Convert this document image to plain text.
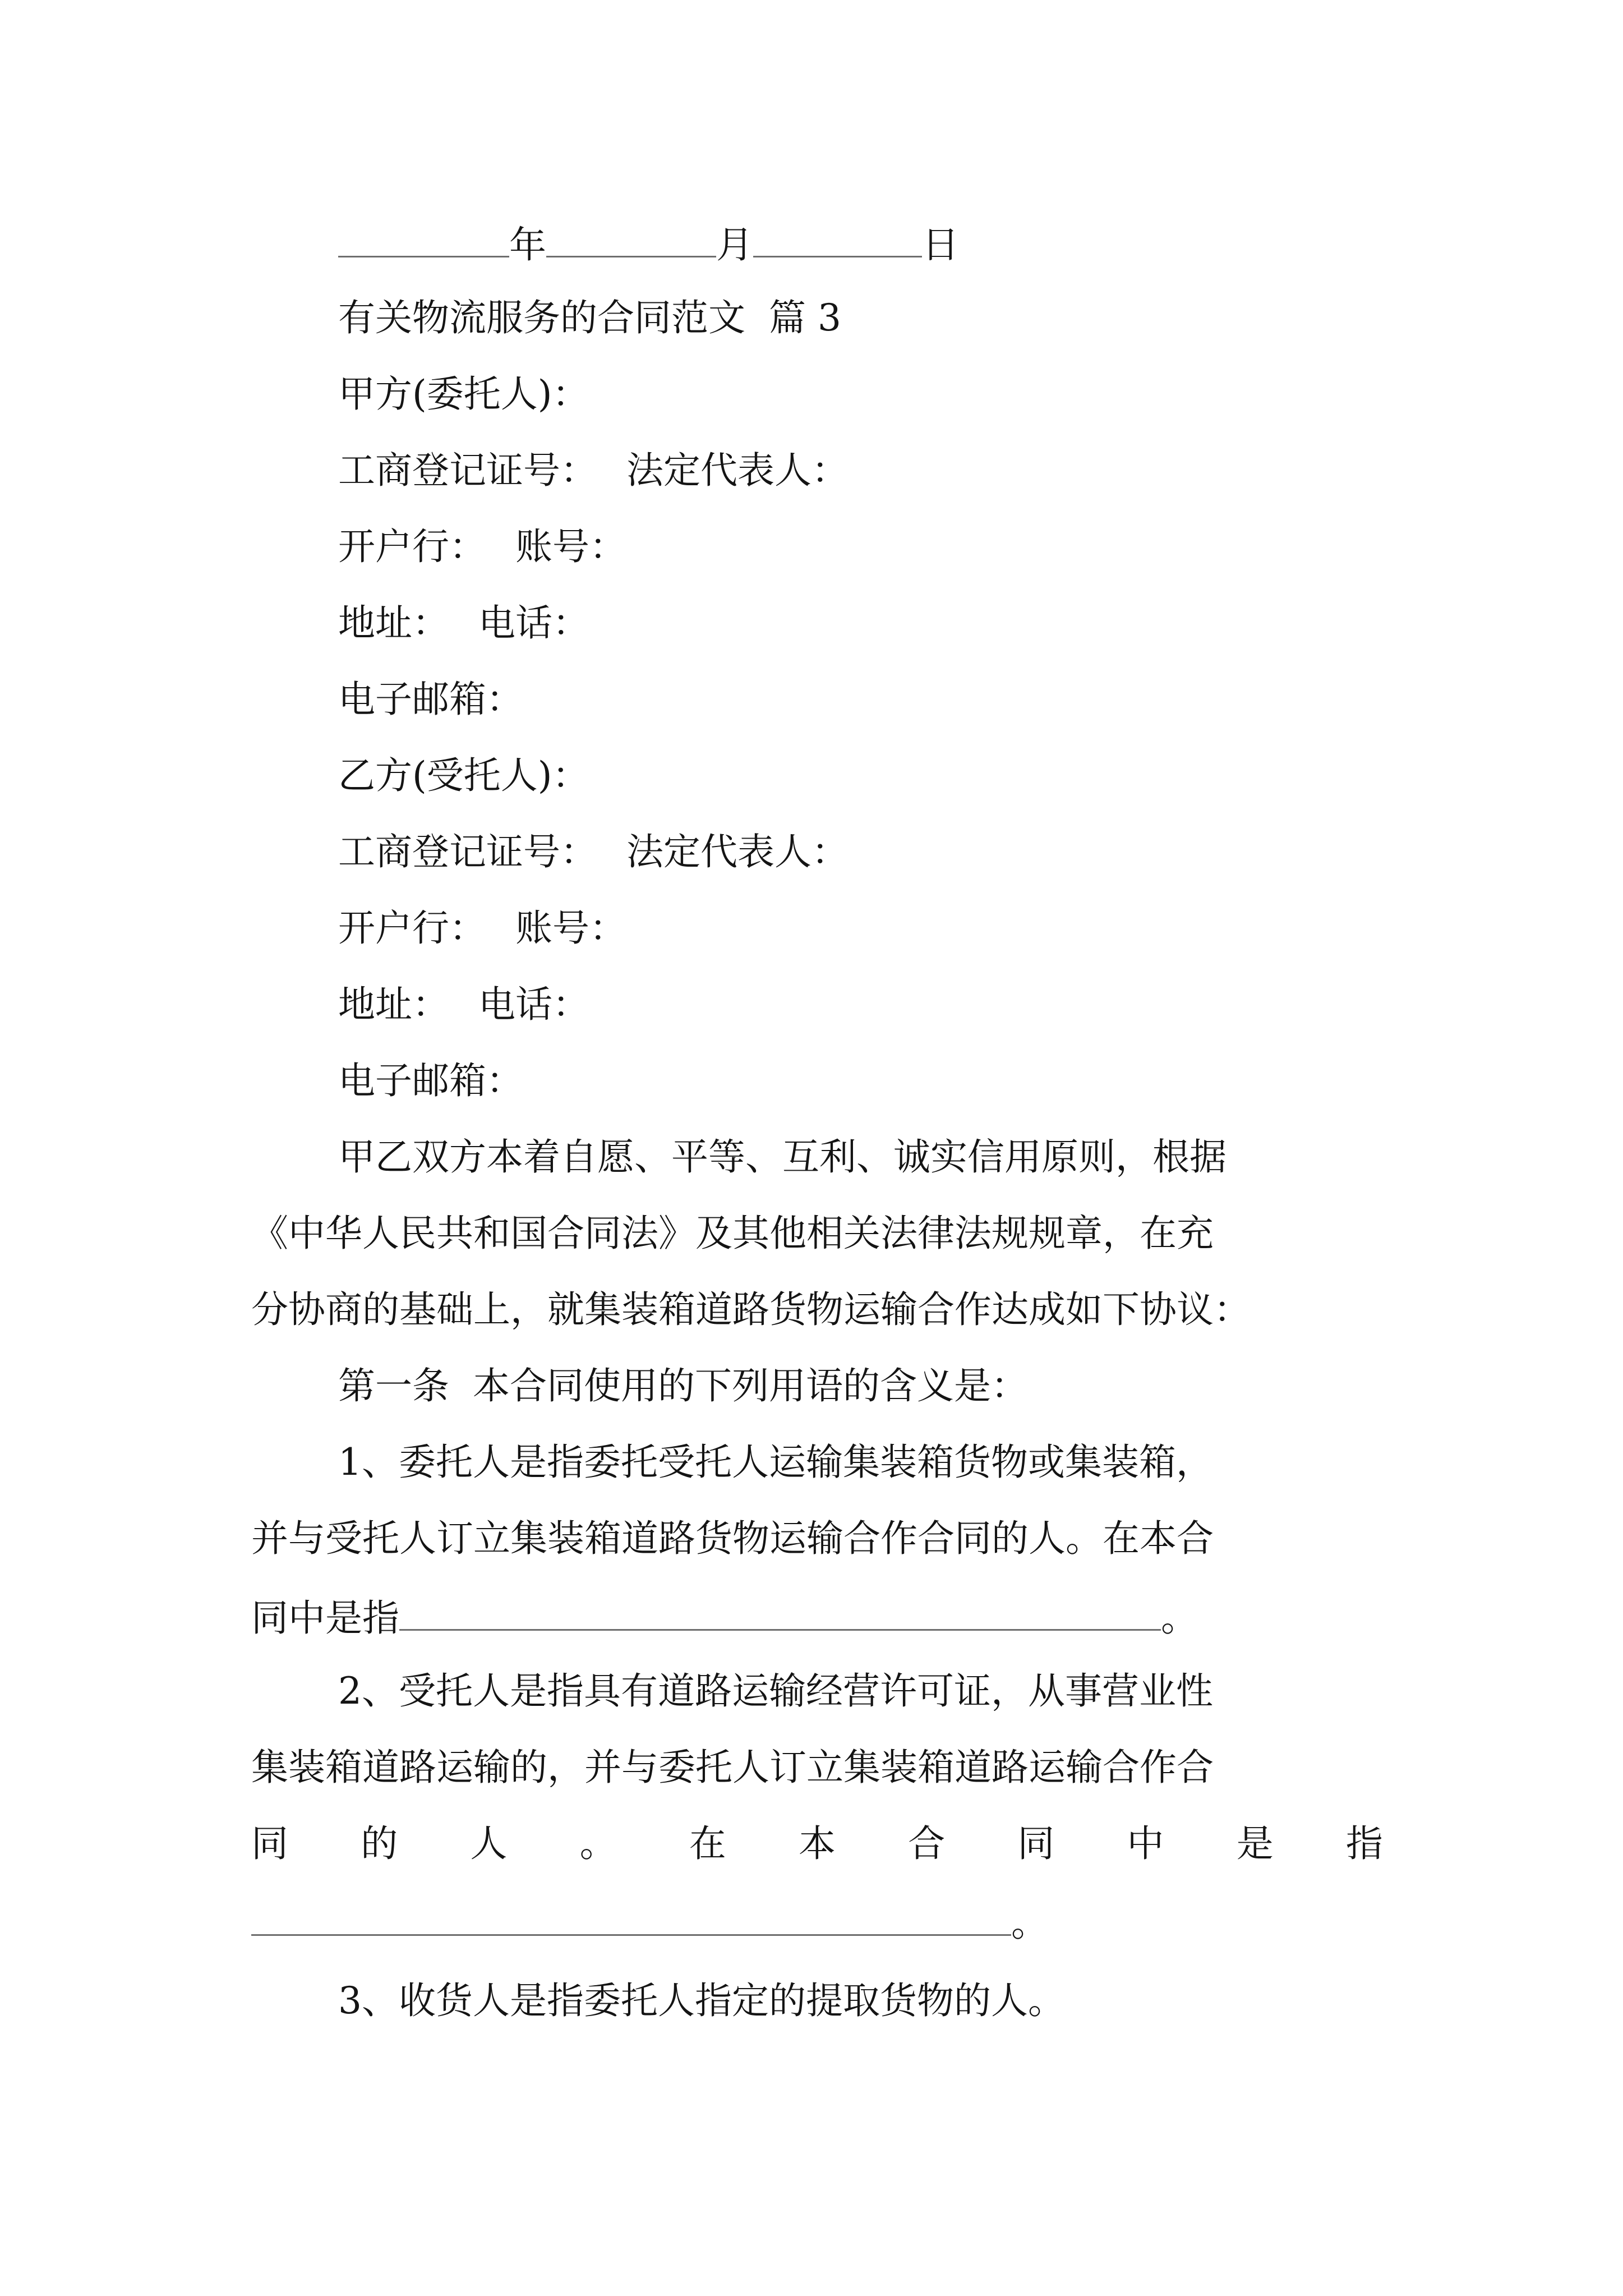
年	月	日
有关物流服务的合同范文  篇 3
甲方(委托人)：
工商登记证号： 法定代表人：
开户行： 账号：
地址： 电话：
电子邮箱：
乙方(受托人)：
工商登记证号： 法定代表人：
开户行： 账号：
地址： 电话：
电子邮箱：
甲乙双方本着自愿、平等、互利、诚实信用原则，根据
《中华人民共和国合同法》及其他相关法律法规规章，在充
分协商的基础上，就集装箱道路货物运输合作达成如下协议：
第一条  本合同使用的下列用语的含义是：
1、委托人是指委托受托人运输集装箱货物或集装箱，
并与受托人订立集装箱道路货物运输合作合同的人。在本合
同中是指	。
2、受托人是指具有道路运输经营许可证，从事营业性
集装箱道路运输的，并与委托人订立集装箱道路运输合作合
同 的 人 。 在 本 合 同 中 是 指
。
3、收货人是指委托人指定的提取货物的人。
